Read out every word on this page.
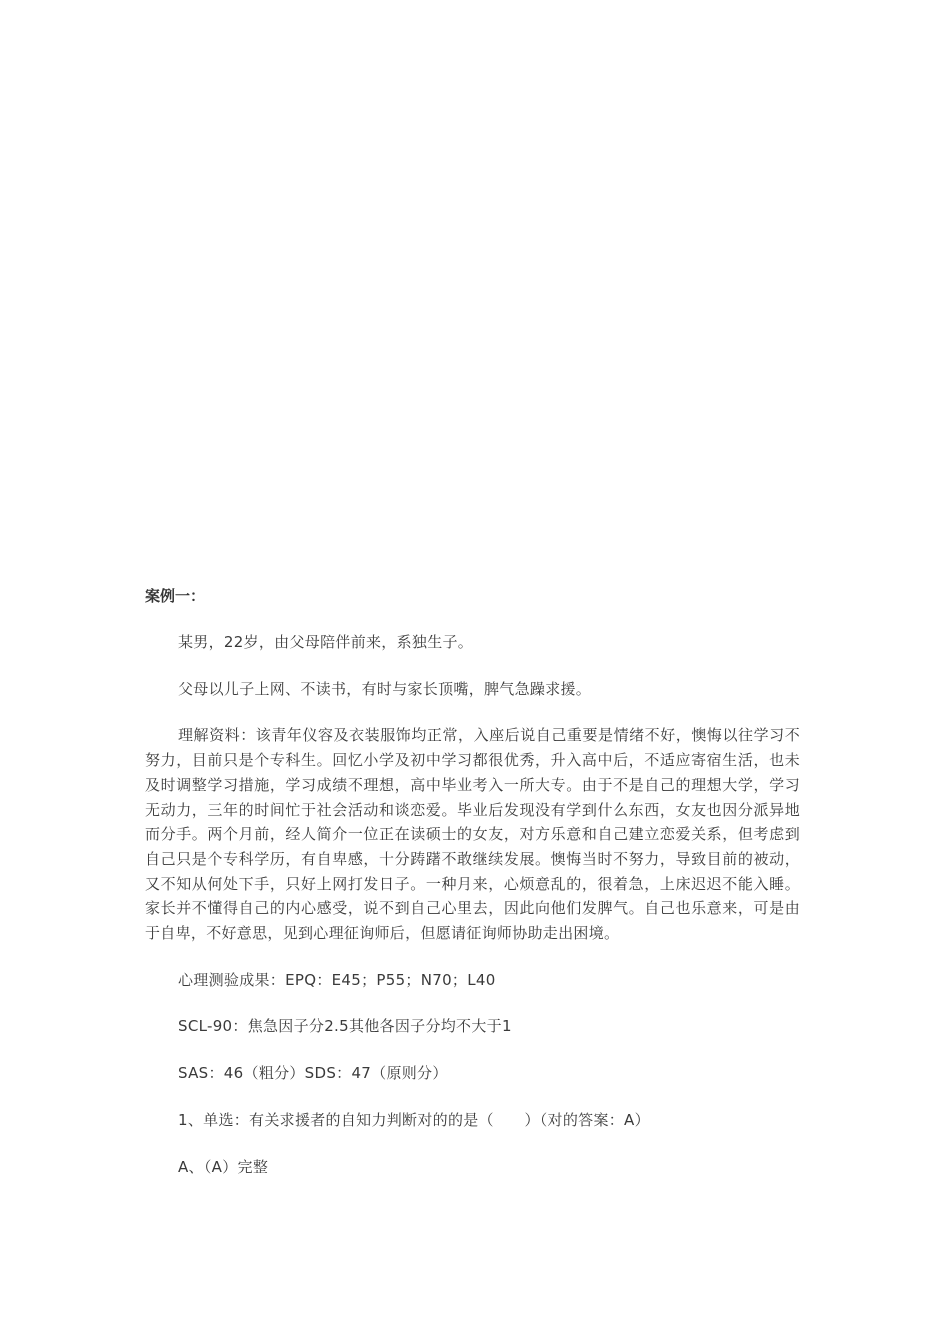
案例一：

某男，22岁，由父母陪伴前来，系独生子。

父母以儿子上网、不读书，有时与家长顶嘴，脾气急躁求援。

理解资料：该青年仪容及衣装服饰均正常，入座后说自己重要是情绪不好，懊悔以往学习不努力，目前只是个专科生。回忆小学及初中学习都很优秀，升入高中后，不适应寄宿生活，也未及时调整学习措施，学习成绩不理想，高中毕业考入一所大专。由于不是自己的理想大学，学习无动力，三年的时间忙于社会活动和谈恋爱。毕业后发现没有学到什么东西，女友也因分派异地而分手。两个月前，经人简介一位正在读硕士的女友，对方乐意和自己建立恋爱关系，但考虑到自己只是个专科学历，有自卑感，十分踌躇不敢继续发展。懊悔当时不努力，导致目前的被动，又不知从何处下手，只好上网打发日子。一种月来，心烦意乱的，很着急，上床迟迟不能入睡。家长并不懂得自己的内心感受，说不到自己心里去，因此向他们发脾气。自己也乐意来，可是由于自卑，不好意思，见到心理征询师后，但愿请征询师协助走出困境。

心理测验成果：EPQ：E45；P55；N70；L40

SCL-90：焦急因子分2.5其他各因子分均不大于1

SAS：46（粗分）SDS：47（原则分）

1、单选：有关求援者的自知力判断对的的是（　　）（对的答案：A）

A、（A）完整
